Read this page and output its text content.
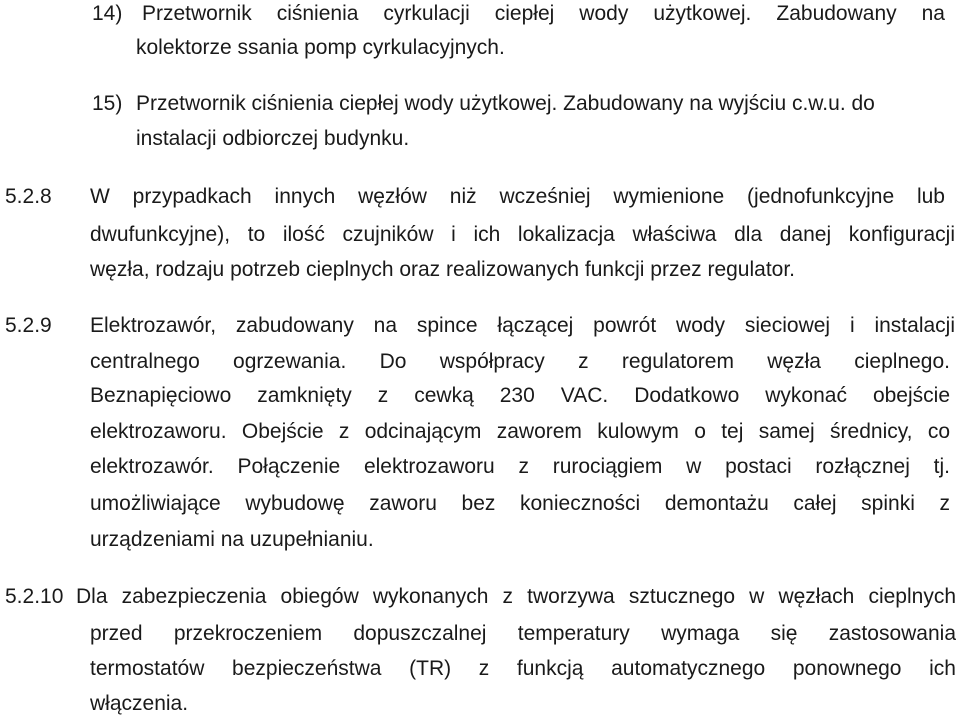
14) Przetwornik ciśnienia cyrkulacji ciepłej wody użytkowej. Zabudowany na
kolektorze ssania pomp cyrkulacyjnych.
15) Przetwornik ciśnienia ciepłej wody użytkowej. Zabudowany na wyjściu c.w.u. do
instalacji odbiorczej budynku.
5.2.8 W przypadkach innych węzłów niż wcześniej wymienione (jednofunkcyjne lub
dwufunkcyjne), to ilość czujników i ich lokalizacja właściwa dla danej konfiguracji
węzła, rodzaju potrzeb cieplnych oraz realizowanych funkcji przez regulator.
5.2.9 Elektrozawór, zabudowany na spince łączącej powrót wody sieciowej i instalacji
centralnego ogrzewania. Do współpracy z regulatorem węzła cieplnego.
Beznapięciowo zamknięty z cewką 230 VAC. Dodatkowo wykonać obejście
elektrozaworu. Obejście z odcinającym zaworem kulowym o tej samej średnicy, co
elektrozawór. Połączenie elektrozaworu z rurociągiem w postaci rozłącznej tj.
umożliwiające wybudowę zaworu bez konieczności demontażu całej spinki z
urządzeniami na uzupełnianiu.
5.2.10 Dla zabezpieczenia obiegów wykonanych z tworzywa sztucznego w węzłach cieplnych
przed przekroczeniem dopuszczalnej temperatury wymaga się zastosowania
termostatów bezpieczeństwa (TR) z funkcją automatycznego ponownego ich
włączenia.
